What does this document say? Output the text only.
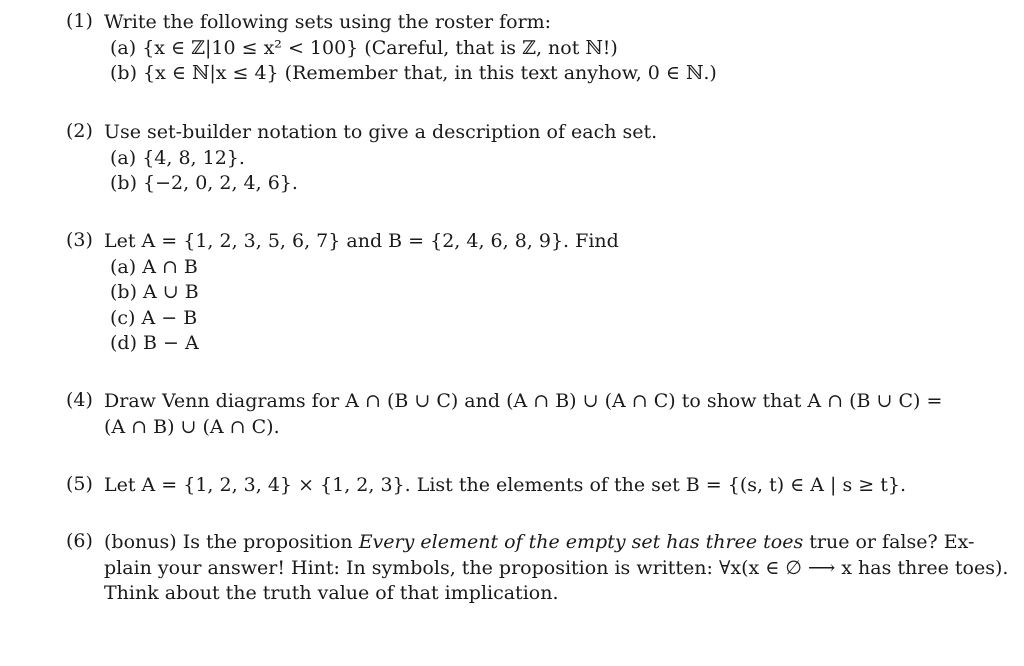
(1) Write the following sets using the roster form:
(a) {x ∈ ℤ|10 ≤ x² < 100} (Careful, that is ℤ, not ℕ!)
(b) {x ∈ ℕ|x ≤ 4} (Remember that, in this text anyhow, 0 ∈ ℕ.)
(2) Use set-builder notation to give a description of each set.
(a) {4, 8, 12}.
(b) {−2, 0, 2, 4, 6}.
(3) Let A = {1, 2, 3, 5, 6, 7} and B = {2, 4, 6, 8, 9}. Find
(a) A ∩ B
(b) A ∪ B
(c) A − B
(d) B − A
(4) Draw Venn diagrams for A ∩ (B ∪ C) and (A ∩ B) ∪ (A ∩ C) to show that A ∩ (B ∪ C) =
(A ∩ B) ∪ (A ∩ C).
(5) Let A = {1, 2, 3, 4} × {1, 2, 3}. List the elements of the set B = {(s, t) ∈ A | s ≥ t}.
(6) (bonus) Is the proposition Every element of the empty set has three toes true or false? Ex-
plain your answer! Hint: In symbols, the proposition is written: ∀x(x ∈ ∅ ⟶ x has three toes).
Think about the truth value of that implication.
